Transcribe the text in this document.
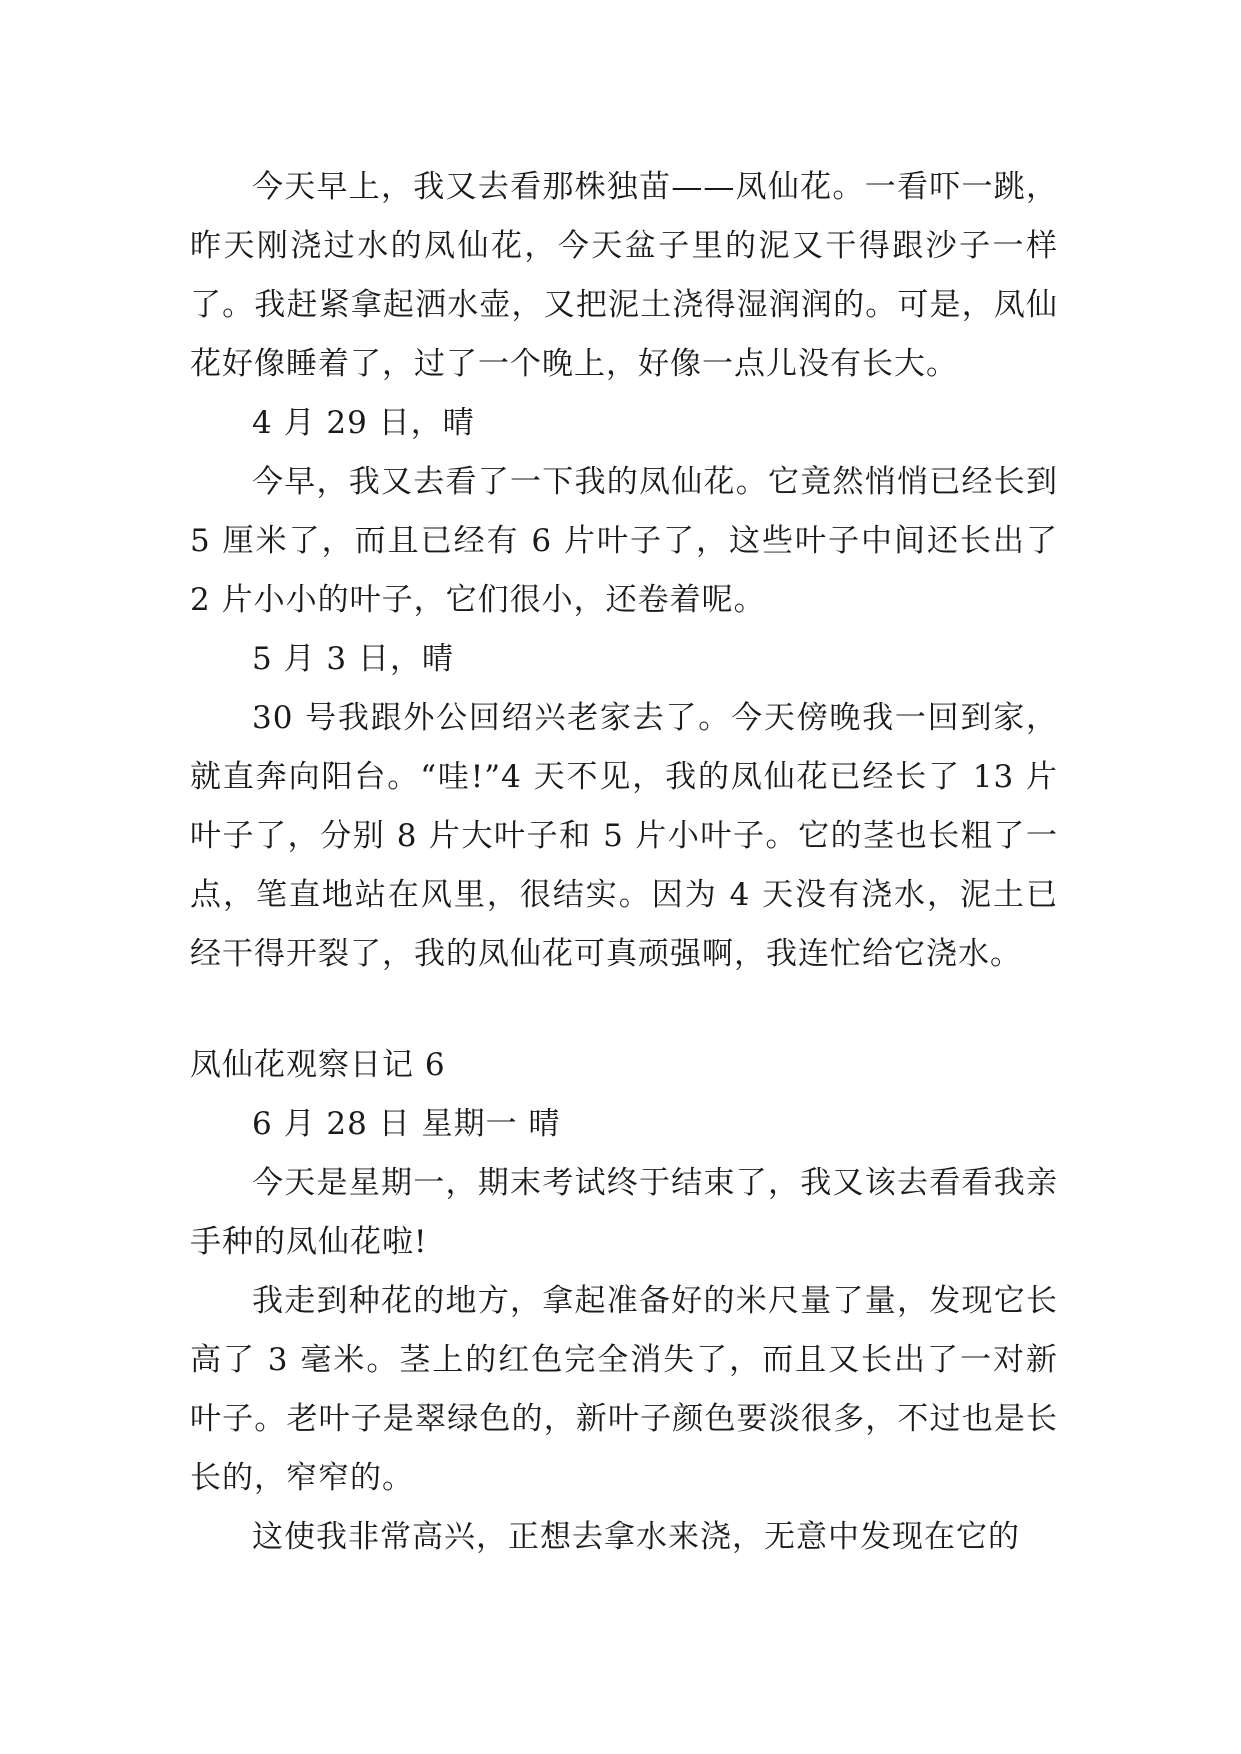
今天早上，我又去看那株独苗——凤仙花。一看吓一跳，昨天刚浇过水的凤仙花，今天盆子里的泥又干得跟沙子一样了。我赶紧拿起洒水壶，又把泥土浇得湿润润的。可是，凤仙花好像睡着了，过了一个晚上，好像一点儿没有长大。

4 月 29 日，晴

今早，我又去看了一下我的凤仙花。它竟然悄悄已经长到 5 厘米了，而且已经有 6 片叶子了，这些叶子中间还长出了 2 片小小的叶子，它们很小，还卷着呢。

5 月 3 日，晴

30 号我跟外公回绍兴老家去了。今天傍晚我一回到家，就直奔向阳台。“哇!”4 天不见，我的凤仙花已经长了 13 片叶子了，分别 8 片大叶子和 5 片小叶子。它的茎也长粗了一点，笔直地站在风里，很结实。因为 4 天没有浇水，泥土已经干得开裂了，我的凤仙花可真顽强啊，我连忙给它浇水。

凤仙花观察日记 6

6 月 28 日 星期一 晴

今天是星期一，期末考试终于结束了，我又该去看看我亲手种的凤仙花啦!

我走到种花的地方，拿起准备好的米尺量了量，发现它长高了 3 毫米。茎上的红色完全消失了，而且又长出了一对新叶子。老叶子是翠绿色的，新叶子颜色要淡很多，不过也是长长的，窄窄的。

这使我非常高兴，正想去拿水来浇，无意中发现在它的
